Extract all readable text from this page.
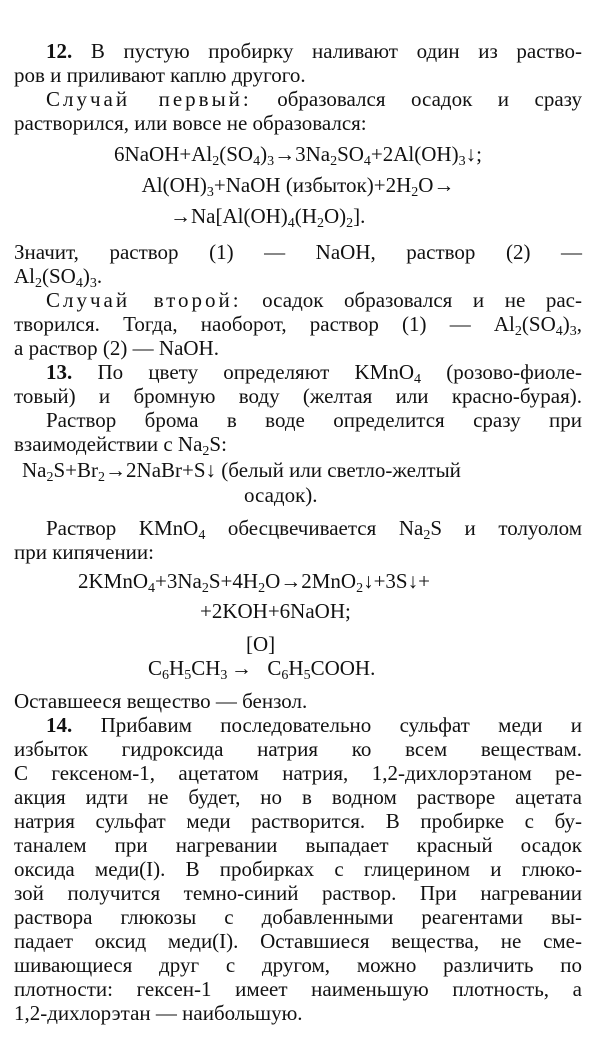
12. В пустую пробирку наливают один из раство-
ров и приливают каплю другого.
Случай первый: образовался осадок и сразу
растворился, или вовсе не образовался:
$6NaOH+Al_2(SO_4)_3\to 3Na_2SO_4+2Al(OH)_3↓$;
$Al(OH)_3+NaOH$ $(избыток)+2H_2O\to$
$\to Na[Al(OH)_4(H_2O)_2]$.
Значит, раствор (1) — NaOH, раствор (2) —
$Al_2(SO_4)_3$.
Случай второй: осадок образовался и не рас-
творился. Тогда, наоборот, раствор (1) — $Al_2(SO_4)_3$,
а раствор (2) — NaOH.
13. По цвету определяют KMnO$_4$ (розово-фиоле-
товый) и бромную воду (желтая или красно-бурая).
Раствор брома в воде определится сразу при
взаимодействии с $Na_2S$:
$Na_2S+Br_2\to 2NaBr+S↓$ (белый или светло-желтый
осадок).
Раствор KMnO$_4$ обесцвечивается $Na_2S$ и толуолом
при кипячении:
$2KMnO_4+3Na_2S+4H_2O\to 2MnO_2↓+3S↓+$
+2KOH+6NaOH;
[O]
$C_6H_5CH_3$ → $C_6H_5COOH$.
Оставшееся вещество — бензол.
14. Прибавим последовательно сульфат меди и
избыток гидроксида натрия ко всем веществам.
С гексеном-1, ацетатом натрия, 1,2-дихлорэтаном ре-
акция идти не будет, но в водном растворе ацетата
натрия сульфат меди растворится. В пробирке с бу-
таналем при нагревании выпадает красный осадок
оксида меди(I). В пробирках с глицерином и глюко-
зой получится темно-синий раствор. При нагревании
раствора глюкозы с добавленными реагентами вы-
падает оксид меди(I). Оставшиеся вещества, не сме-
шивающиеся друг с другом, можно различить по
плотности: гексен-1 имеет наименьшую плотность, а
1,2-дихлорэтан — наибольшую.
